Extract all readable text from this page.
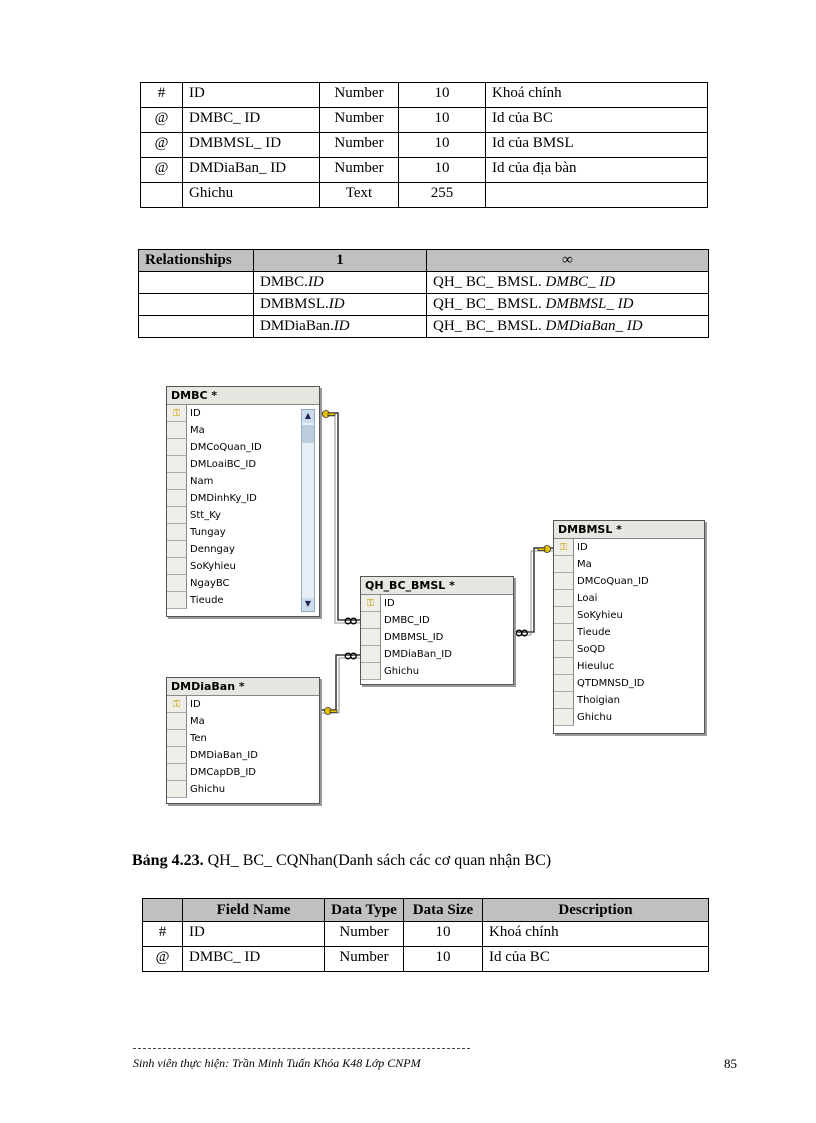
#	ID	Number	10	Khoá chính
@	DMBC_ ID	Number	10	Id của BC
@	DMBMSL_ ID	Number	10	Id của BMSL
@	DMDiaBan_ ID	Number	10	Id của địa bàn
	Ghichu	Text	255	
Relationships	1	∞
	DMBC.ID	QH_ BC_ BMSL. DMBC_ ID
	DMBMSL.ID	QH_ BC_ BMSL. DMBMSL_ ID
	DMDiaBan.ID	QH_ BC_ BMSL. DMDiaBan_ ID
DMBC *
⚿ ID
Ma
DMCoQuan_ID
DMLoaiBC_ID
Nam
DMDinhKy_ID
Stt_Ky
Tungay
Denngay
SoKyhieu
NgayBC
Tieude
▲
▼
DMDiaBan *
⚿ ID
Ma
Ten
DMDiaBan_ID
DMCapDB_ID
Ghichu
QH_BC_BMSL *
⚿ ID
DMBC_ID
DMBMSL_ID
DMDiaBan_ID
Ghichu
DMBMSL *
⚿ ID
Ma
DMCoQuan_ID
Loai
SoKyhieu
Tieude
SoQD
Hieuluc
QTDMNSD_ID
Thoigian
Ghichu
Bảng 4.23. QH_ BC_ CQNhan(Danh sách các cơ quan nhận BC)
	Field Name	Data Type	Data Size	Description
#	ID	Number	10	Khoá chính
@	DMBC_ ID	Number	10	Id của BC
Sinh viên thực hiện: Trần Minh Tuấn Khóa K48 Lớp CNPM	85
